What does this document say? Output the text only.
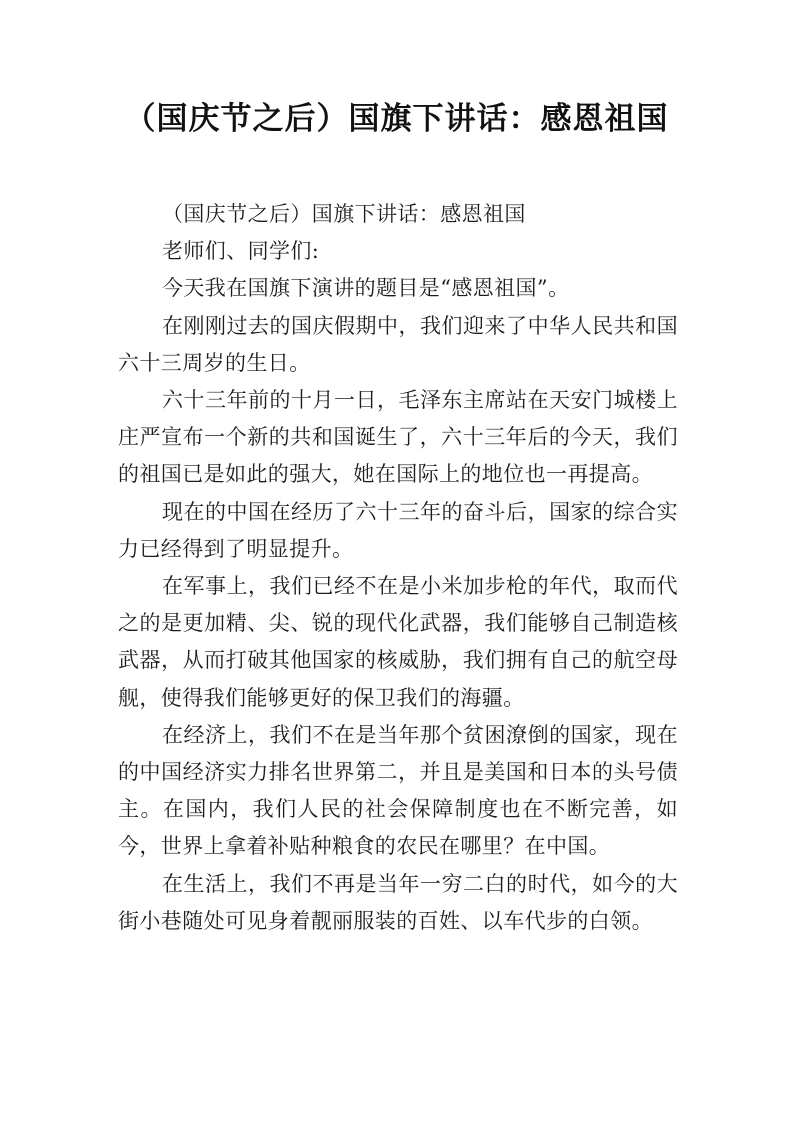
（国庆节之后）国旗下讲话：感恩祖国

（国庆节之后）国旗下讲话：感恩祖国

老师们、同学们:

今天我在国旗下演讲的题目是“感恩祖国”。

在刚刚过去的国庆假期中，我们迎来了中华人民共和国六十三周岁的生日。

六十三年前的十月一日，毛泽东主席站在天安门城楼上庄严宣布一个新的共和国诞生了，六十三年后的今天，我们的祖国已是如此的强大，她在国际上的地位也一再提高。

现在的中国在经历了六十三年的奋斗后，国家的综合实力已经得到了明显提升。

在军事上，我们已经不在是小米加步枪的年代，取而代之的是更加精、尖、锐的现代化武器，我们能够自己制造核武器，从而打破其他国家的核威胁，我们拥有自己的航空母舰，使得我们能够更好的保卫我们的海疆。

在经济上，我们不在是当年那个贫困潦倒的国家，现在的中国经济实力排名世界第二，并且是美国和日本的头号债主。在国内，我们人民的社会保障制度也在不断完善，如今，世界上拿着补贴种粮食的农民在哪里？在中国。

在生活上，我们不再是当年一穷二白的时代，如今的大街小巷随处可见身着靓丽服装的百姓、以车代步的白领。
